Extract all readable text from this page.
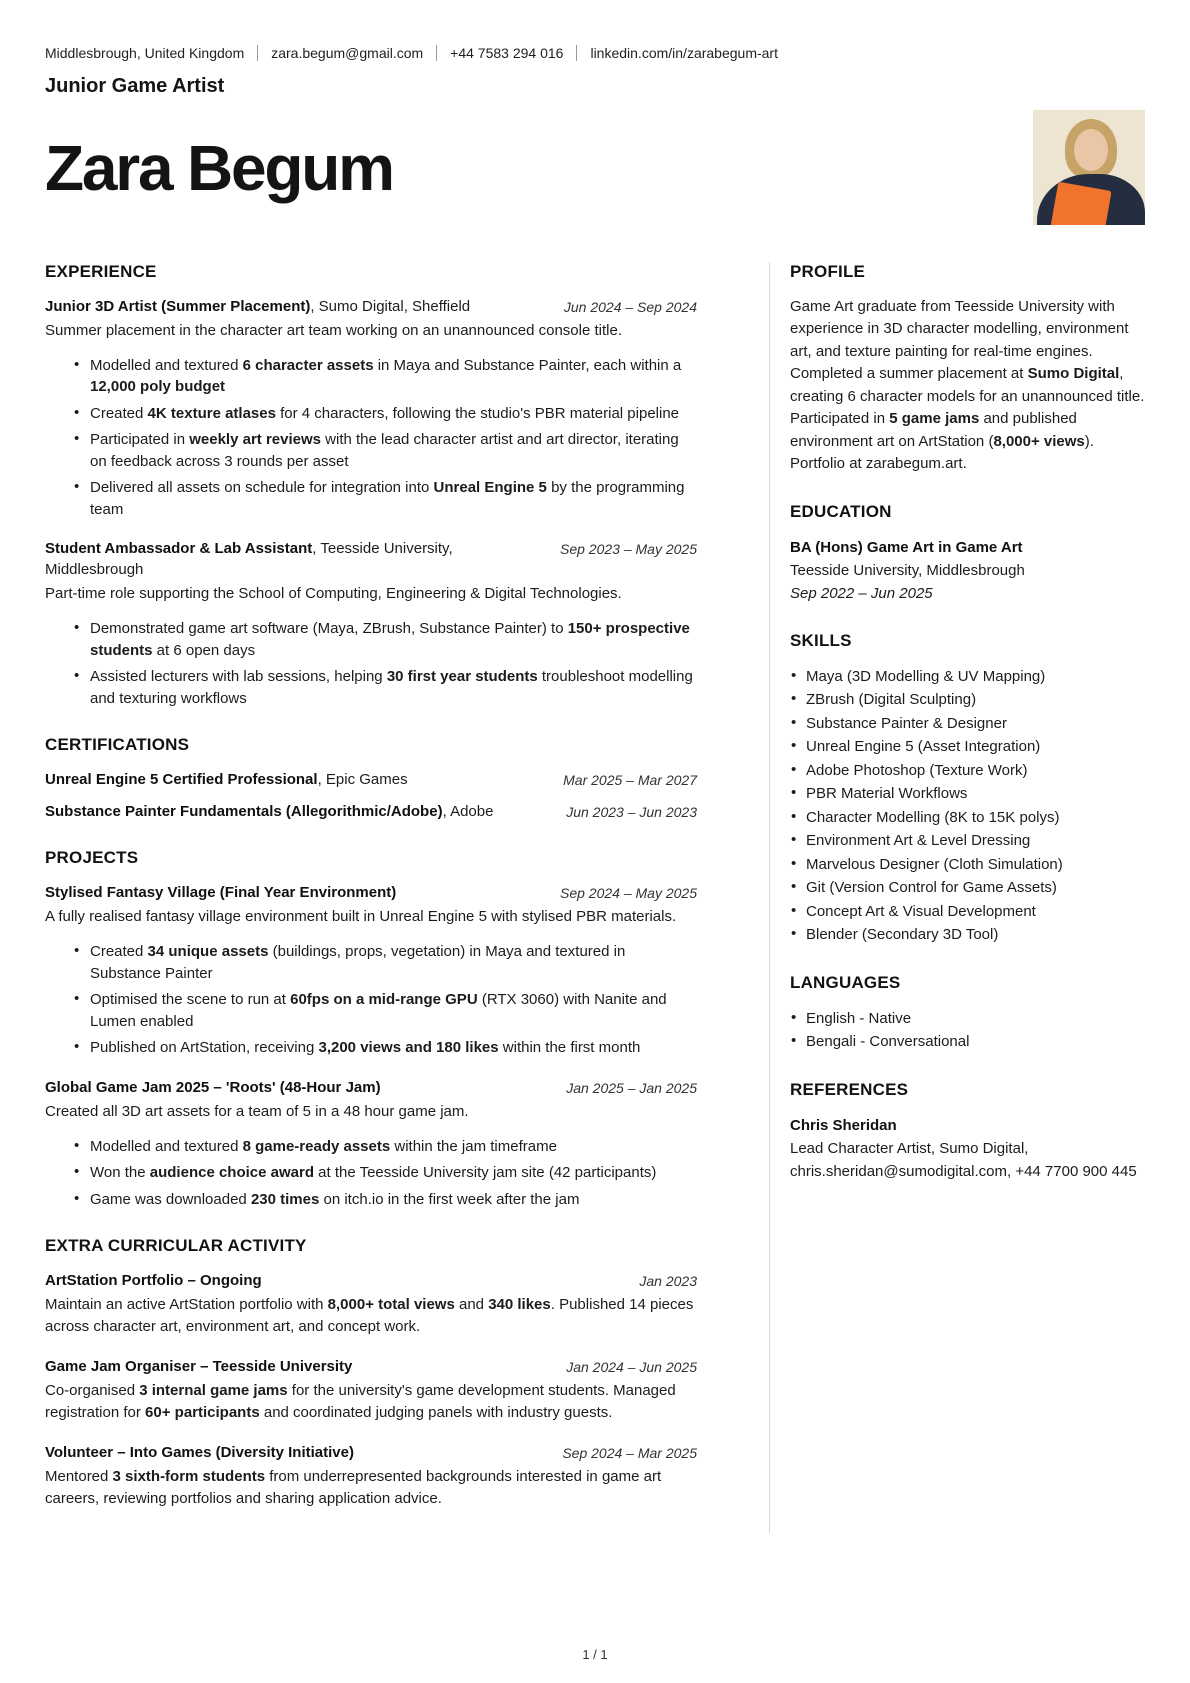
Middlesbrough, United Kingdom zara.begum@gmail.com +44 7583 294 016 linkedin.com/in/zarabegum-art
Junior Game Artist
Zara Begum
EXPERIENCE

Junior 3D Artist (Summer Placement), Sumo Digital, Sheffield	Jun 2024 – Sep 2024

Summer placement in the character art team working on an unannounced console title.

• Modelled and textured 6 character assets in Maya and Substance Painter, each within a 12,000 poly budget
• Created 4K texture atlases for 4 characters, following the studio's PBR material pipeline
• Participated in weekly art reviews with the lead character artist and art director, iterating on feedback across 3 rounds per asset
• Delivered all assets on schedule for integration into Unreal Engine 5 by the programming team

Student Ambassador & Lab Assistant, Teesside University, Middlesbrough

Sep 2023 – May 2025

Part-time role supporting the School of Computing, Engineering & Digital Technologies.

• Demonstrated game art software (Maya, ZBrush, Substance Painter) to 150+ prospective students at 6 open days
• Assisted lecturers with lab sessions, helping 30 first year students troubleshoot modelling and texturing workflows
CERTIFICATIONS

Unreal Engine 5 Certified Professional, Epic Games	Mar 2025 – Mar 2027

Substance Painter Fundamentals (Allegorithmic/Adobe), Adobe	Jun 2023 – Jun 2023
PROJECTS

Stylised Fantasy Village (Final Year Environment)	Sep 2024 – May 2025

A fully realised fantasy village environment built in Unreal Engine 5 with stylised PBR materials.

• Created 34 unique assets (buildings, props, vegetation) in Maya and textured in Substance Painter
• Optimised the scene to run at 60fps on a mid-range GPU (RTX 3060) with Nanite and Lumen enabled
• Published on ArtStation, receiving 3,200 views and 180 likes within the first month

Global Game Jam 2025 – 'Roots' (48-Hour Jam)	Jan 2025 – Jan 2025

Created all 3D art assets for a team of 5 in a 48 hour game jam.

• Modelled and textured 8 game-ready assets within the jam timeframe
• Won the audience choice award at the Teesside University jam site (42 participants)
• Game was downloaded 230 times on itch.io in the first week after the jam
EXTRA CURRICULAR ACTIVITY

ArtStation Portfolio – Ongoing	Jan 2023

Maintain an active ArtStation portfolio with 8,000+ total views and 340 likes. Published 14 pieces across character art, environment art, and concept work.

Game Jam Organiser – Teesside University	Jan 2024 – Jun 2025

Co-organised 3 internal game jams for the university's game development students. Managed registration for 60+ participants and coordinated judging panels with industry guests.

Volunteer – Into Games (Diversity Initiative)	Sep 2024 – Mar 2025

Mentored 3 sixth-form students from underrepresented backgrounds interested in game art careers, reviewing portfolios and sharing application advice.

PROFILE

Game Art graduate from Teesside University with experience in 3D character modelling, environment art, and texture painting for real-time engines. Completed a summer placement at Sumo Digital, creating 6 character models for an unannounced title. Participated in 5 game jams and published environment art on ArtStation (8,000+ views). Portfolio at zarabegum.art.

EDUCATION

BA (Hons) Game Art in Game Art

Teesside University, Middlesbrough

Sep 2022 – Jun 2025

SKILLS
• Maya (3D Modelling & UV Mapping)
• ZBrush (Digital Sculpting)
• Substance Painter & Designer
• Unreal Engine 5 (Asset Integration)
• Adobe Photoshop (Texture Work)
• PBR Material Workflows
• Character Modelling (8K to 15K polys)
• Environment Art & Level Dressing
• Marvelous Designer (Cloth Simulation)
• Git (Version Control for Game Assets)
• Concept Art & Visual Development
• Blender (Secondary 3D Tool)
LANGUAGES
• English - Native
• Bengali - Conversational
REFERENCES

Chris Sheridan

Lead Character Artist, Sumo Digital, chris.sheridan@sumodigital.com, +44 7700 900 445

1 / 1
